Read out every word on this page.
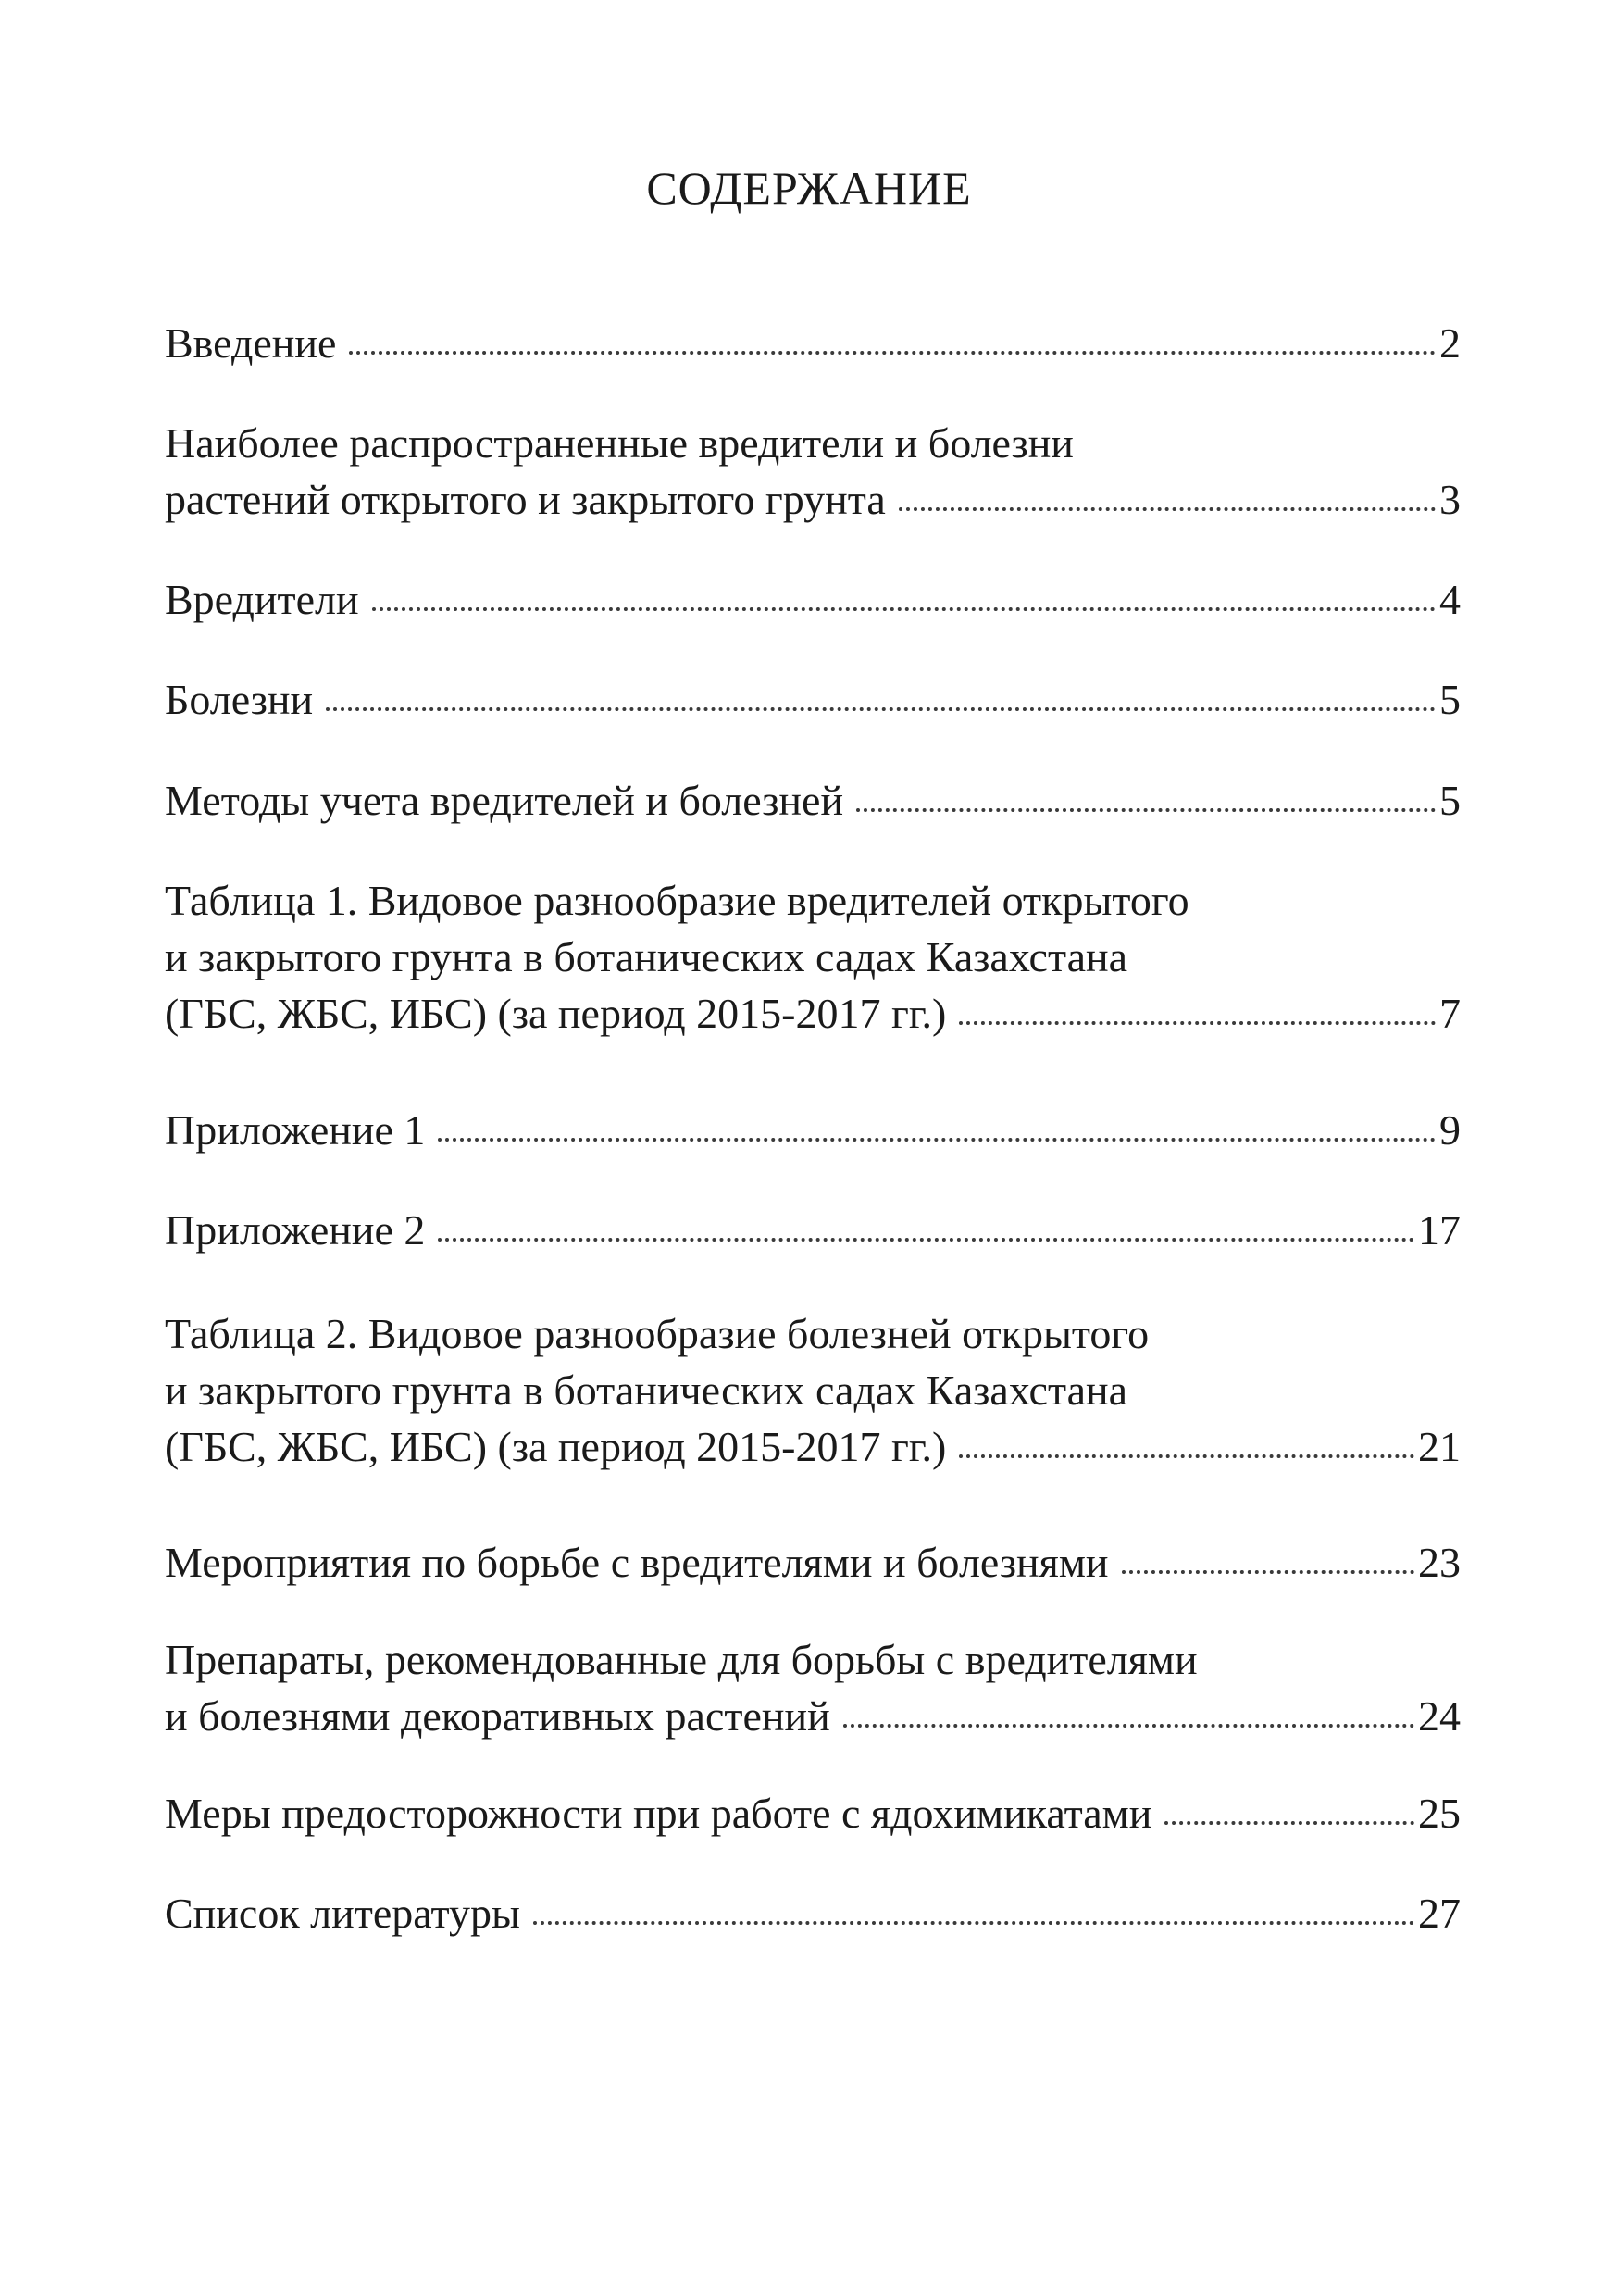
СОДЕРЖАНИЕ
Введение	2
Наиболее распространенные вредители и болезни
растений открытого и закрытого грунта	3
Вредители	4
Болезни	5
Методы учета вредителей и болезней	5
Таблица 1. Видовое разнообразие вредителей открытого
и закрытого грунта в ботанических садах Казахстана
(ГБС, ЖБС, ИБС) (за период 2015-2017 гг.)	7
Приложение 1	9
Приложение 2	17
Таблица 2. Видовое разнообразие болезней открытого
и закрытого грунта в ботанических садах Казахстана
(ГБС, ЖБС, ИБС) (за период 2015-2017 гг.)	21
Мероприятия по борьбе с вредителями и болезнями	23
Препараты, рекомендованные для борьбы с вредителями
и болезнями декоративных растений	24
Меры предосторожности при работе с ядохимикатами	25
Список литературы	27
